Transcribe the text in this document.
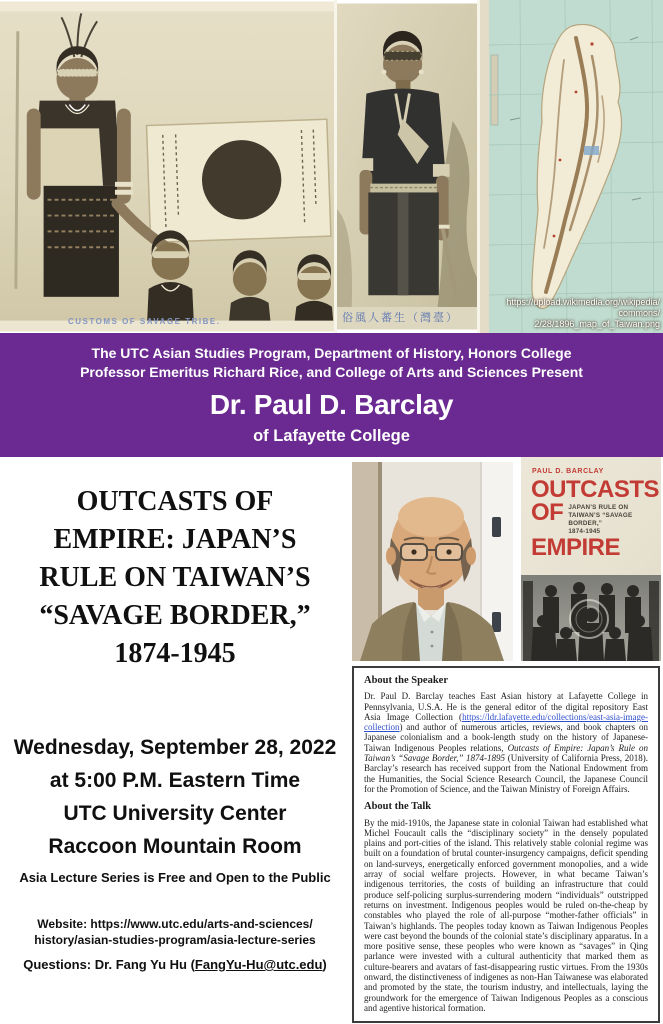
CUSTOMS OF SAVAGE TRIBE.	俗風人蕃生（灣臺）
https://upload.wikimedia.org/wikipedia/
commons/
2/28/1896_map_of_Taiwan.png
The UTC Asian Studies Program, Department of History, Honors College
Professor Emeritus Richard Rice, and College of Arts and Sciences Present
Dr. Paul D. Barclay
of Lafayette College
OUTCASTS OF
EMPIRE: JAPAN’S
RULE ON TAIWAN’S
“SAVAGE BORDER,”
1874-1945
Wednesday, September 28, 2022
at 5:00 P.M. Eastern Time
UTC University Center
Raccoon Mountain Room
Asia Lecture Series is Free and Open to the Public
Website: https://www.utc.edu/arts-and-sciences/
history/asian-studies-program/asia-lecture-series
Questions: Dr. Fang Yu Hu (FangYu-Hu@utc.edu)
PAUL D. BARCLAY
OUTCASTS
OF JAPAN’S RULE ON
TAIWAN’S “SAVAGE BORDER,”
1874-1945
EMPIRE
About the Speaker
Dr. Paul D. Barclay teaches East Asian history at Lafayette College in Pennsylvania, U.S.A. He is the general editor of the digital repository East Asia Image Collection (https://ldr.lafayette.edu/collections/east-asia-image-collection) and author of numerous articles, reviews, and book chapters on Japanese colonialism and a book-length study on the history of Japanese-Taiwan Indigenous Peoples relations, Outcasts of Empire: Japan’s Rule on Taiwan’s “Savage Border,” 1874-1895 (University of California Press, 2018). Barclay’s research has received support from the National Endowment from the Humanities, the Social Science Research Council, the Japanese Council for the Promotion of Science, and the Taiwan Ministry of Foreign Affairs.
About the Talk
By the mid-1910s, the Japanese state in colonial Taiwan had established what Michel Foucault calls the “disciplinary society” in the densely populated plains and port-cities of the island. This relatively stable colonial regime was built on a foundation of brutal counter-insurgency campaigns, deficit spending on land-surveys, energetically enforced government monopolies, and a wide array of social welfare projects. However, in what became Taiwan’s indigenous territories, the costs of building an infrastructure that could produce self-policing surplus-surrendering modern “individuals” outstripped returns on investment. Indigenous peoples would be ruled on-the-cheap by constables who played the role of all-purpose “mother-father officials” in Taiwan’s highlands. The peoples today known as Taiwan Indigenous Peoples were cast beyond the bounds of the colonial state’s disciplinary apparatus. In a more positive sense, these peoples who were known as “savages” in Qing parlance were invested with a cultural authenticity that marked them as culture-bearers and avatars of fast-disappearing rustic virtues. From the 1930s onward, the distinctiveness of indigenes as non-Han Taiwanese was elaborated and promoted by the state, the tourism industry, and intellectuals, laying the groundwork for the emergence of Taiwan Indigenous Peoples as a conscious and agentive historical formation.
